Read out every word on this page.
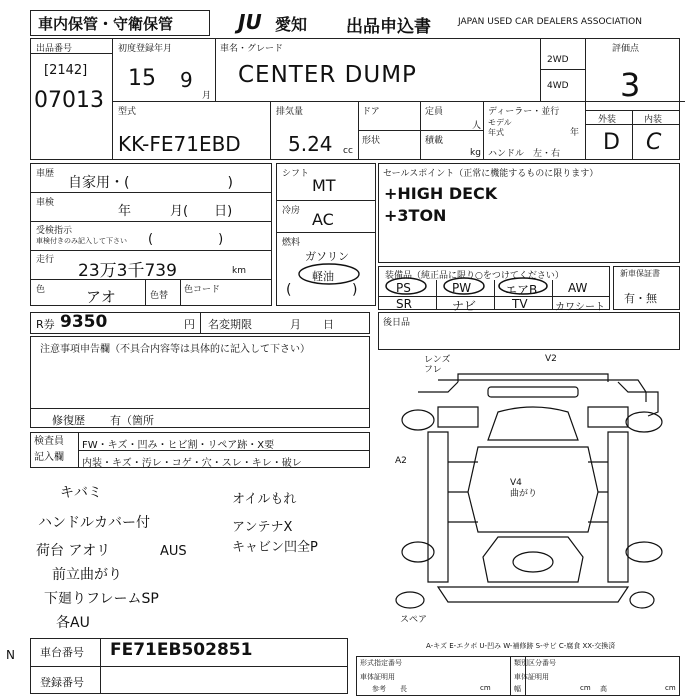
車内保管・守衛保管	JU 愛知 出品申込書	JAPAN USED CAR DEALERS ASSOCIATION
出品番号
[2142]
07013
初度登録年月
15 9
月
車名・グレード
CENTER DUMP
2WD
4WD
評価点
3
外装	内装
D C
型式
KK-FE71EBD
排気量
5.24 cc
ドア	定員
人
形状	積載
kg
ディーラー・並行
モデル
年式	年
ハンドル　左・右
車歴
自家用・(　　　　　　　)
車検
年　　　月(　　日)
受検指示
車検付きのみ記入して下さい (　　　　　)
走行
23万3千739	km
色	アオ	色替
色コード
シフト
MT
冷房 AC
燃料
ガソリン
軽油
(	)
セールスポイント（正常に機能するものに限ります）
+HIGH DECK
+3TON
装備品（純正品に限り○をつけてください）
PS	PW	エアB	AW
SR	ナビ	TV	カワシート
新車保証書
有・無
R券 9350	円 名変期限	月　　日	後日品
注意事項申告欄（不具合内容等は具体的に記入して下さい）
修復歴 有（箇所
検査員
記入欄
FW・キズ・凹み・ヒビ割・リペア跡・X要
内装・キズ・汚レ・コゲ・穴・スレ・キレ・破レ
キバミ
ハンドルカバー付
荷台 アオリ	AUS
前立曲がり
下廻りフレームSP
各AU
オイルもれ
アンテナX
キャビン凹全P
レンズ
フレ
V2
A2
V4
曲がり
スペア
A-キズ E-エクボ U-凹み W-補修跡 S-サビ C-腐食 XX-交換済
車台番号 FE71EB502851
登録番号
形式指定番号	類別区分番号
車体証明用	車体証明用
参考 長	幅	高
cm	cm	cm
N
